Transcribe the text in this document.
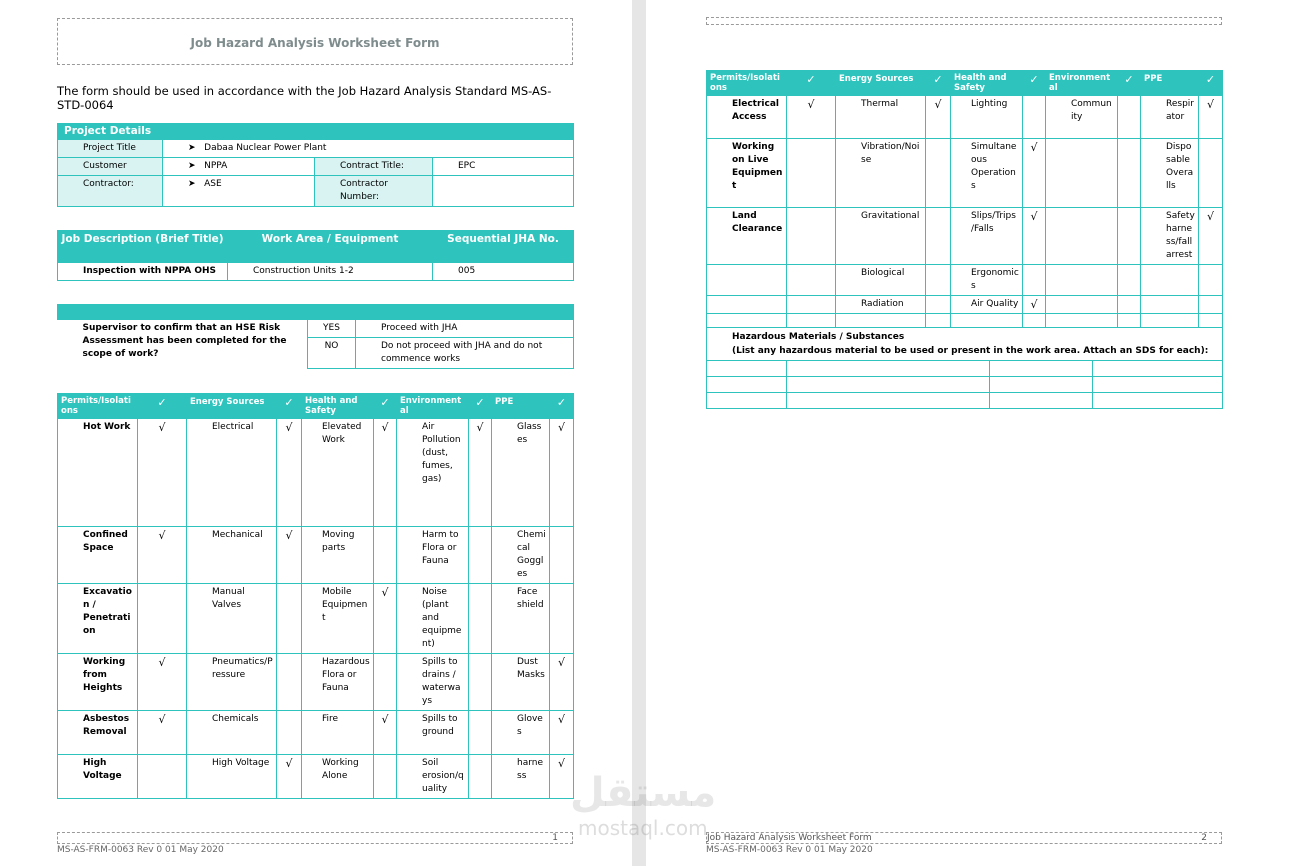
Job Hazard Analysis Worksheet Form
The form should be used in accordance with the Job Hazard Analysis Standard MS-AS-STD-0064
Project Details			
Project Title	➤ Dabaa Nuclear Power Plant		
Customer	➤ NPPA	Contract Title:	EPC
Contractor:	➤ ASE	Contractor Number:	
Job Description (Brief Title)	Work Area / Equipment	Sequential JHA No.
Inspection with NPPA OHS	Construction Units 1-2	005

Supervisor to confirm that an HSE Risk Assessment has been completed for the scope of work?	YES	Proceed with JHA
	NO	Do not proceed with JHA and do not commence works
Permits/Isolations	✓	Energy Sources	✓	Health and Safety	✓	Environmental	✓	PPE	✓
Hot Work	√	Electrical	√	Elevated Work	√	Air Pollution (dust, fumes, gas)	√	Glasses	√
Confined Space	√	Mechanical	√	Moving parts		Harm to Flora or Fauna		Chemical Goggles	
Excavation / Penetration		Manual Valves		Mobile Equipment	√	Noise (plant and equipment)		Face shield	
Working from Heights	√	Pneumatics/Pressure		Hazardous Flora or Fauna		Spills to drains / waterways		Dust Masks	√
Asbestos Removal	√	Chemicals		Fire	√	Spills to ground		Gloves	√
High Voltage		High Voltage	√	Working Alone		Soil erosion/quality		harness	√
1
MS-AS-FRM-0063 Rev 0 01 May 2020
Permits/Isolations	✓	Energy Sources	✓	Health and Safety	✓	Environmental	✓	PPE	✓
Electrical Access	√	Thermal	√	Lighting		Community		Respirator	√
Working on Live Equipment		Vibration/Noise		Simultaneous Operations	√			Disposable Overalls	
Land Clearance		Gravitational		Slips/Trips /Falls	√			Safety harness/fall arrest	√
		Biological		Ergonomics					
		Radiation		Air Quality	√				

Hazardous Materials / Substances
(List any hazardous material to be used or present in the work area. Attach an SDS for each):			

Job Hazard Analysis Worksheet Form	2
MS-AS-FRM-0063 Rev 0 01 May 2020
مستقل
mostaql.com
